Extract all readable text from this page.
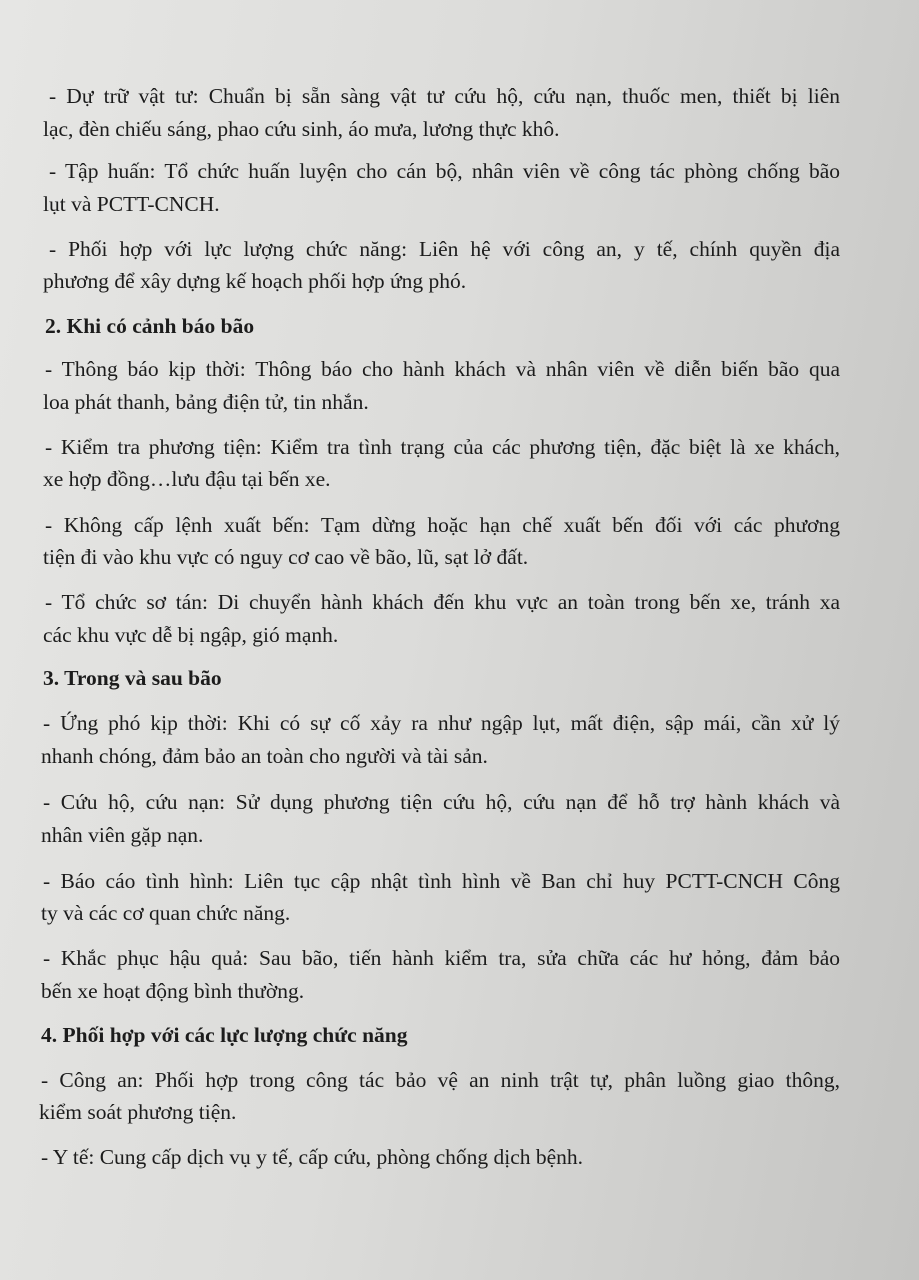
- Dự trữ vật tư: Chuẩn bị sẵn sàng vật tư cứu hộ, cứu nạn, thuốc men, thiết bị liên
lạc, đèn chiếu sáng, phao cứu sinh, áo mưa, lương thực khô.
- Tập huấn: Tổ chức huấn luyện cho cán bộ, nhân viên về công tác phòng chống bão
lụt và PCTT-CNCH.
- Phối hợp với lực lượng chức năng: Liên hệ với công an, y tế, chính quyền địa
phương để xây dựng kế hoạch phối hợp ứng phó.
2. Khi có cảnh báo bão
- Thông báo kịp thời: Thông báo cho hành khách và nhân viên về diễn biến bão qua
loa phát thanh, bảng điện tử, tin nhắn.
- Kiểm tra phương tiện: Kiểm tra tình trạng của các phương tiện, đặc biệt là xe khách,
xe hợp đồng…lưu đậu tại bến xe.
- Không cấp lệnh xuất bến: Tạm dừng hoặc hạn chế xuất bến đối với các phương
tiện đi vào khu vực có nguy cơ cao về bão, lũ, sạt lở đất.
- Tổ chức sơ tán: Di chuyển hành khách đến khu vực an toàn trong bến xe, tránh xa
các khu vực dễ bị ngập, gió mạnh.
3. Trong và sau bão
- Ứng phó kịp thời: Khi có sự cố xảy ra như ngập lụt, mất điện, sập mái, cần xử lý
nhanh chóng, đảm bảo an toàn cho người và tài sản.
- Cứu hộ, cứu nạn: Sử dụng phương tiện cứu hộ, cứu nạn để hỗ trợ hành khách và
nhân viên gặp nạn.
- Báo cáo tình hình: Liên tục cập nhật tình hình về Ban chỉ huy PCTT-CNCH Công
ty và các cơ quan chức năng.
- Khắc phục hậu quả: Sau bão, tiến hành kiểm tra, sửa chữa các hư hỏng, đảm bảo
bến xe hoạt động bình thường.
4. Phối hợp với các lực lượng chức năng
- Công an: Phối hợp trong công tác bảo vệ an ninh trật tự, phân luồng giao thông,
kiểm soát phương tiện.
- Y tế: Cung cấp dịch vụ y tế, cấp cứu, phòng chống dịch bệnh.
